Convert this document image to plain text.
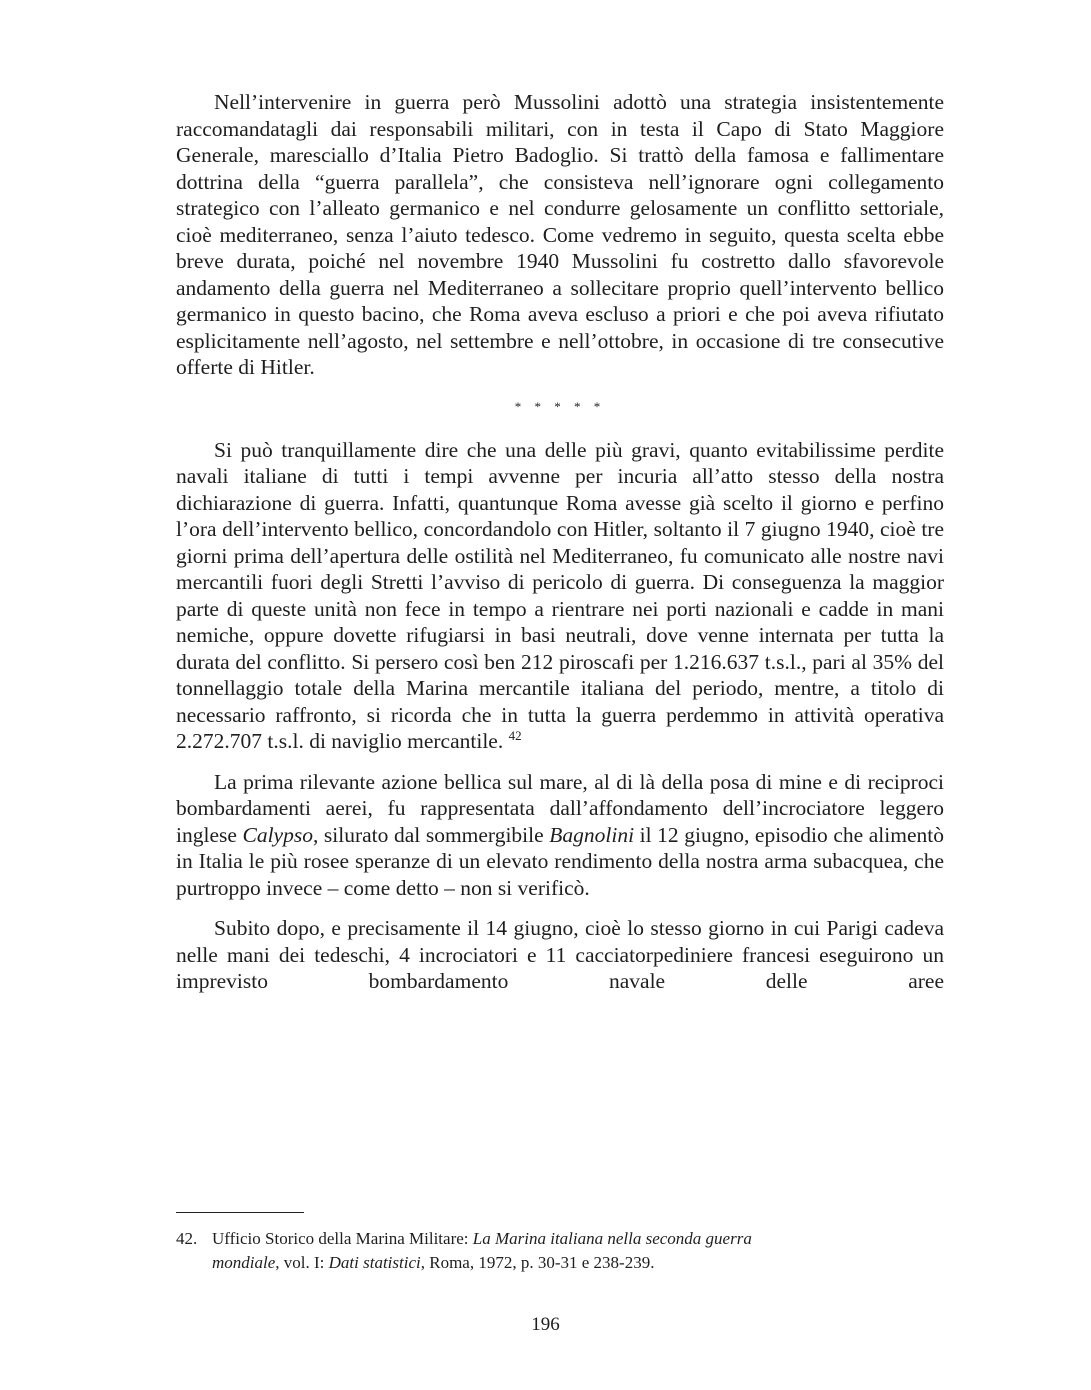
Nell’intervenire in guerra però Mussolini adottò una strategia insistentemente raccomandatagli dai responsabili militari, con in testa il Capo di Stato Maggiore Generale, maresciallo d’Italia Pietro Badoglio. Si trattò della famosa e fallimentare dottrina della “guerra parallela”, che consisteva nell’ignorare ogni collegamento strategico con l’alleato germanico e nel condurre gelosamente un conflitto settoriale, cioè mediterraneo, senza l’aiuto tedesco. Come vedremo in seguito, questa scelta ebbe breve durata, poiché nel novembre 1940 Mussolini fu costretto dallo sfavorevole andamento della guerra nel Mediterraneo a sollecitare proprio quell’intervento bellico germanico in questo bacino, che Roma aveva escluso a priori e che poi aveva rifiutato esplicitamente nell’agosto, nel settembre e nell’ottobre, in occasione di tre consecutive offerte di Hitler.

* * * * *

Si può tranquillamente dire che una delle più gravi, quanto evitabilissime perdite navali italiane di tutti i tempi avvenne per incuria all’atto stesso della nostra dichiarazione di guerra. Infatti, quantunque Roma avesse già scelto il giorno e perfino l’ora dell’intervento bellico, concordandolo con Hitler, soltanto il 7 giugno 1940, cioè tre giorni prima dell’apertura delle ostilità nel Mediterraneo, fu comunicato alle nostre navi mercantili fuori degli Stretti l’avviso di pericolo di guerra. Di conseguenza la maggior parte di queste unità non fece in tempo a rientrare nei porti nazionali e cadde in mani nemiche, oppure dovette rifugiarsi in basi neutrali, dove venne internata per tutta la durata del conflitto. Si persero così ben 212 piroscafi per 1.216.637 t.s.l., pari al 35% del tonnellaggio totale della Marina mercantile italiana del periodo, mentre, a titolo di necessario raffronto, si ricorda che in tutta la guerra perdemmo in attività operativa 2.272.707 t.s.l. di naviglio mercantile. $^{42}$

La prima rilevante azione bellica sul mare, al di là della posa di mine e di reciproci bombardamenti aerei, fu rappresentata dall’affondamento dell’incrociatore leggero inglese Calypso, silurato dal sommergibile Bagnolini il 12 giugno, episodio che alimentò in Italia le più rosee speranze di un elevato rendimento della nostra arma subacquea, che purtroppo invece – come detto – non si verificò.

Subito dopo, e precisamente il 14 giugno, cioè lo stesso giorno in cui Parigi cadeva nelle mani dei tedeschi, 4 incrociatori e 11 cacciatorpediniere francesi eseguirono un imprevisto bombardamento navale delle aree

42. Ufficio Storico della Marina Militare: La Marina italiana nella seconda guerra
mondiale, vol. I: Dati statistici, Roma, 1972, p. 30-31 e 238-239.
196
